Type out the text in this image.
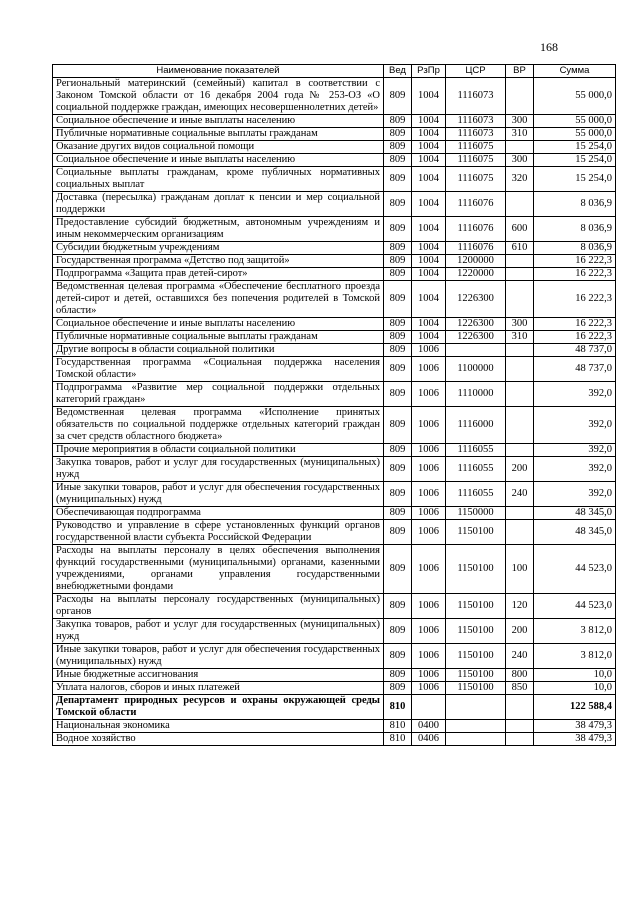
168
Наименование показателей	Вед	РзПр	ЦСР	ВР	Сумма
Региональный материнский (семейный) капитал в соответствии с Законом Томской области от 16 декабря 2004 года № 253-ОЗ «О социальной поддержке граждан, имеющих несовершеннолетних детей»	809	1004	1116073		55 000,0
Социальное обеспечение и иные выплаты населению	809	1004	1116073	300	55 000,0
Публичные нормативные социальные выплаты гражданам	809	1004	1116073	310	55 000,0
Оказание других видов социальной помощи	809	1004	1116075		15 254,0
Социальное обеспечение и иные выплаты населению	809	1004	1116075	300	15 254,0
Социальные выплаты гражданам, кроме публичных нормативных социальных выплат	809	1004	1116075	320	15 254,0
Доставка (пересылка) гражданам доплат к пенсии и мер социальной поддержки	809	1004	1116076		8 036,9
Предоставление субсидий бюджетным, автономным учреждениям и иным некоммерческим организациям	809	1004	1116076	600	8 036,9
Субсидии бюджетным учреждениям	809	1004	1116076	610	8 036,9
Государственная программа «Детство под защитой»	809	1004	1200000		16 222,3
Подпрограмма «Защита прав детей-сирот»	809	1004	1220000		16 222,3
Ведомственная целевая программа «Обеспечение бесплатного проезда детей-сирот и детей, оставшихся без попечения родителей в Томской области»	809	1004	1226300		16 222,3
Социальное обеспечение и иные выплаты населению	809	1004	1226300	300	16 222,3
Публичные нормативные социальные выплаты гражданам	809	1004	1226300	310	16 222,3
Другие вопросы в области социальной политики	809	1006			48 737,0
Государственная программа «Социальная поддержка населения Томской области»	809	1006	1100000		48 737,0
Подпрограмма «Развитие мер социальной поддержки отдельных категорий граждан»	809	1006	1110000		392,0
Ведомственная целевая программа «Исполнение принятых обязательств по социальной поддержке отдельных категорий граждан за счет средств областного бюджета»	809	1006	1116000		392,0
Прочие мероприятия в области социальной политики	809	1006	1116055		392,0
Закупка товаров, работ и услуг для государственных (муниципальных) нужд	809	1006	1116055	200	392,0
Иные закупки товаров, работ и услуг для обеспечения государственных (муниципальных) нужд	809	1006	1116055	240	392,0
Обеспечивающая подпрограмма	809	1006	1150000		48 345,0
Руководство и управление в сфере установленных функций органов государственной власти субъекта Российской Федерации	809	1006	1150100		48 345,0
Расходы на выплаты персоналу в целях обеспечения выполнения функций государственными (муниципальными) органами, казенными учреждениями, органами управления государственными внебюджетными фондами	809	1006	1150100	100	44 523,0
Расходы на выплаты персоналу государственных (муниципальных) органов	809	1006	1150100	120	44 523,0
Закупка товаров, работ и услуг для государственных (муниципальных) нужд	809	1006	1150100	200	3 812,0
Иные закупки товаров, работ и услуг для обеспечения государственных (муниципальных) нужд	809	1006	1150100	240	3 812,0
Иные бюджетные ассигнования	809	1006	1150100	800	10,0
Уплата налогов, сборов и иных платежей	809	1006	1150100	850	10,0
Департамент природных ресурсов и охраны окружающей среды Томской области	810				122 588,4
Национальная экономика	810	0400			38 479,3
Водное хозяйство	810	0406			38 479,3
